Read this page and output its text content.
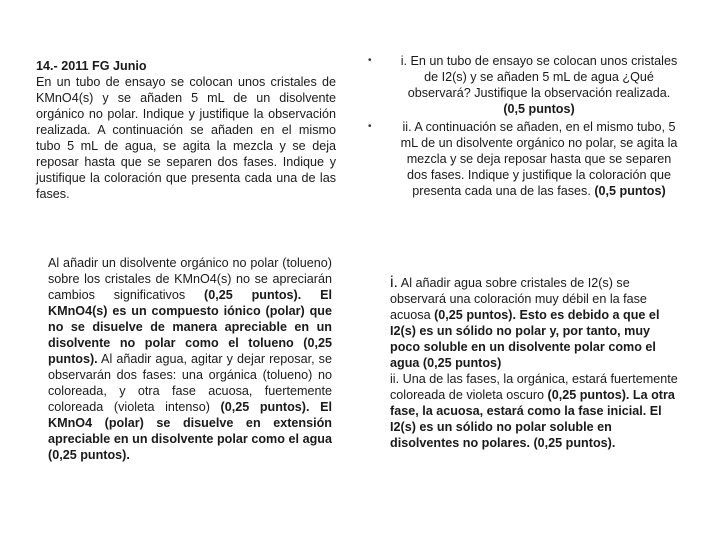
14.- 2011 FG Junio
En un tubo de ensayo se colocan unos cristales de KMnO4(s) y se añaden 5 mL de un disolvente orgánico no polar. Indique y justifique la observación realizada. A continuación se añaden en el mismo tubo 5 mL de agua, se agita la mezcla y se deja reposar hasta que se separen dos fases. Indique y justifique la coloración que presenta cada una de las fases.
Al añadir un disolvente orgánico no polar (tolueno) sobre los cristales de KMnO4(s) no se apreciarán cambios significativos (0,25 puntos). El KMnO4(s) es un compuesto iónico (polar) que no se disuelve de manera apreciable en un disolvente no polar como el tolueno (0,25 puntos). Al añadir agua, agitar y dejar reposar, se observarán dos fases: una orgánica (tolueno) no coloreada, y otra fase acuosa, fuertemente coloreada (violeta intenso) (0,25 puntos). El KMnO4 (polar) se disuelve en extensión apreciable en un disolvente polar como el agua (0,25 puntos).
• i. En un tubo de ensayo se colocan unos cristales de I2(s) y se añaden 5 mL de agua ¿Qué observará? Justifique la observación realizada. (0,5 puntos)
• ii. A continuación se añaden, en el mismo tubo, 5 mL de un disolvente orgánico no polar, se agita la mezcla y se deja reposar hasta que se separen dos fases. Indique y justifique la coloración que presenta cada una de las fases. (0,5 puntos)
i. Al añadir agua sobre cristales de I2(s) se observará una coloración muy débil en la fase acuosa (0,25 puntos). Esto es debido a que el I2(s) es un sólido no polar y, por tanto, muy poco soluble en un disolvente polar como el agua (0,25 puntos)
ii. Una de las fases, la orgánica, estará fuertemente coloreada de violeta oscuro (0,25 puntos). La otra fase, la acuosa, estará como la fase inicial. El I2(s) es un sólido no polar soluble en disolventes no polares. (0,25 puntos).
